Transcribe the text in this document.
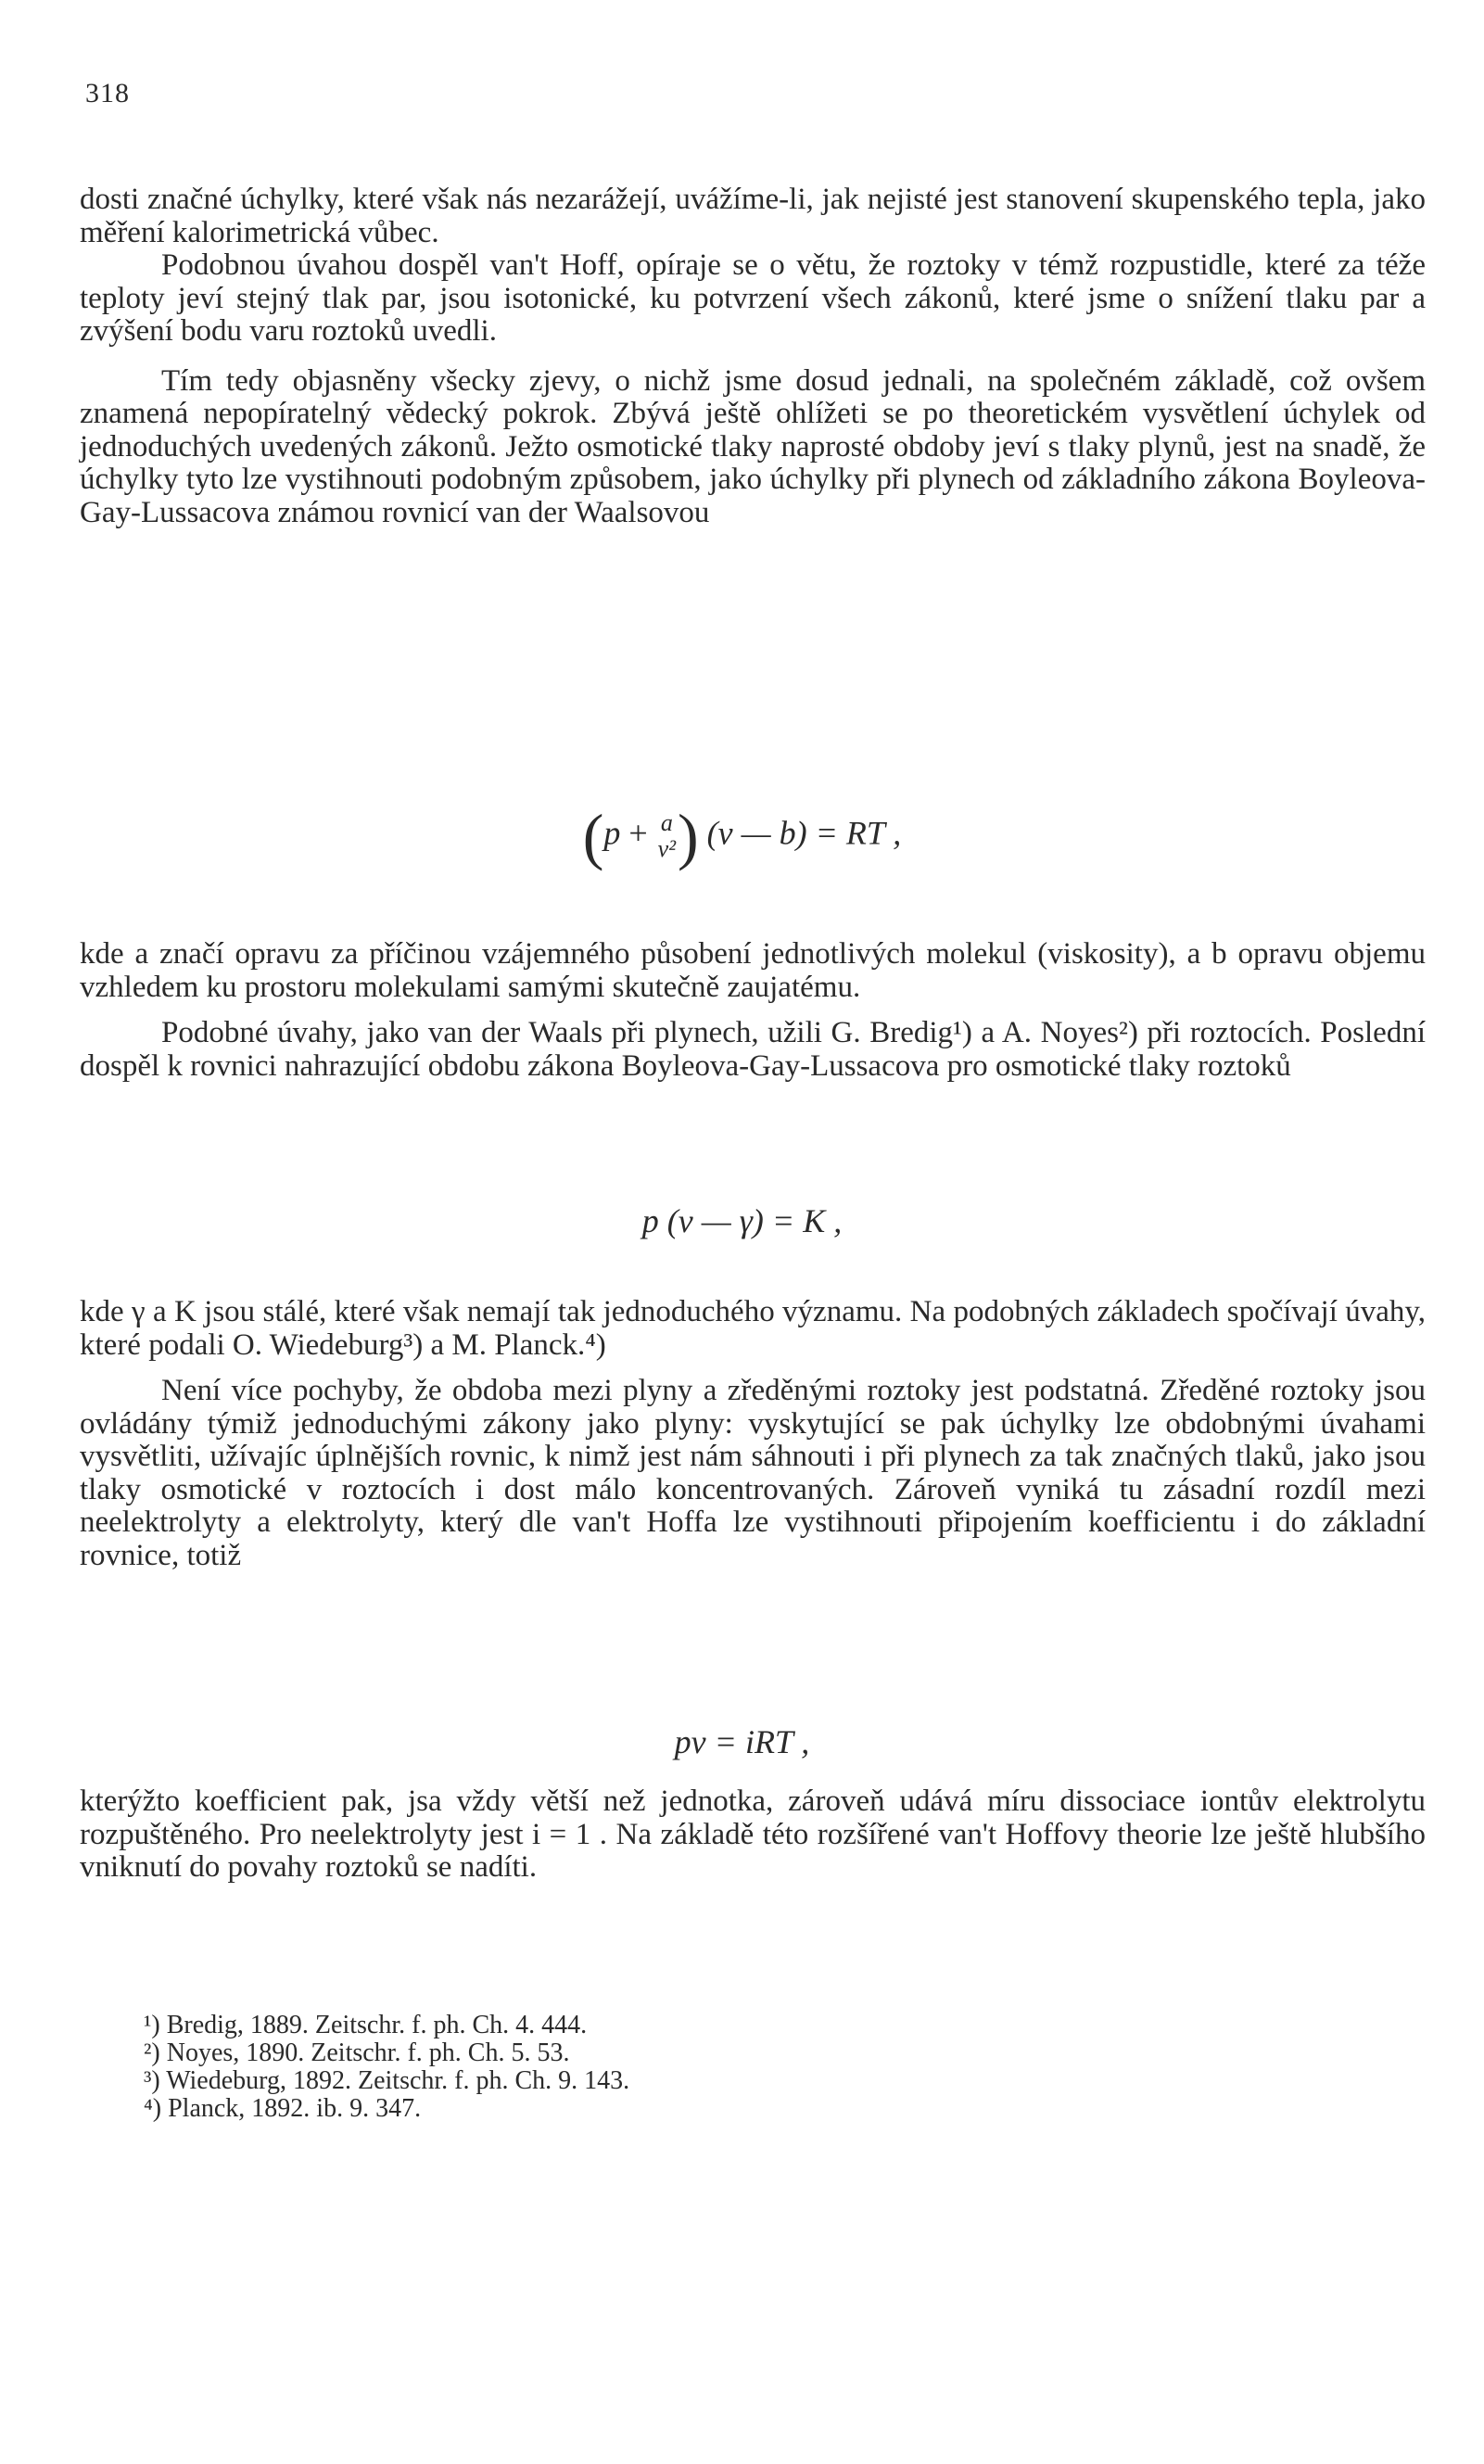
318

dosti značné úchylky, které však nás nezarážejí, uvážíme-li, jak nejisté jest stanovení skupenského tepla, jako měření kalorimetrická vůbec.

Podobnou úvahou dospěl van't Hoff, opíraje se o větu, že roztoky v témž rozpustidle, které za téže teploty jeví stejný tlak par, jsou isotonické, ku potvrzení všech zákonů, které jsme o snížení tlaku par a zvýšení bodu varu roztoků uvedli.

Tím tedy objasněny všecky zjevy, o nichž jsme dosud jednali, na společném základě, což ovšem znamená nepopíratelný vědecký pokrok. Zbývá ještě ohlížeti se po theoretickém vysvětlení úchylek od jednoduchých uvedených zákonů. Ježto osmotické tlaky naprosté obdoby jeví s tlaky plynů, jest na snadě, že úchylky tyto lze vystihnouti podobným způsobem, jako úchylky při plynech od základního zákona Boyleova-Gay-Lussacova známou rovnicí van der Waalsovou

(p + a
v² ) (v — b) = RT ,

kde a značí opravu za příčinou vzájemného působení jednotlivých molekul (viskosity), a b opravu objemu vzhledem ku prostoru molekulami samými skutečně zaujatému.

Podobné úvahy, jako van der Waals při plynech, užili G. Bredig¹) a A. Noyes²) při roztocích. Poslední dospěl k rovnici nahrazující obdobu zákona Boyleova-Gay-Lussacova pro osmotické tlaky roztoků

p (v — γ) = K ,

kde γ a K jsou stálé, které však nemají tak jednoduchého významu. Na podobných základech spočívají úvahy, které podali O. Wiedeburg³) a M. Planck.⁴)

Není více pochyby, že obdoba mezi plyny a zředěnými roztoky jest podstatná. Zředěné roztoky jsou ovládány týmiž jednoduchými zákony jako plyny: vyskytující se pak úchylky lze obdobnými úvahami vysvětliti, užívajíc úplnějších rovnic, k nimž jest nám sáhnouti i při plynech za tak značných tlaků, jako jsou tlaky osmotické v roztocích i dost málo koncentrovaných. Zároveň vyniká tu zásadní rozdíl mezi neelektrolyty a elektrolyty, který dle van't Hoffa lze vystihnouti připojením koefficientu i do základní rovnice, totiž

pv = iRT ,

kterýžto koefficient pak, jsa vždy větší než jednotka, zároveň udává míru dissociace iontův elektrolytu rozpuštěného. Pro neelektrolyty jest i = 1 . Na základě této rozšířené van't Hoffovy theorie lze ještě hlubšího vniknutí do povahy roztoků se nadíti.

¹) Bredig, 1889. Zeitschr. f. ph. Ch. 4. 444.
²) Noyes, 1890. Zeitschr. f. ph. Ch. 5. 53.
³) Wiedeburg, 1892. Zeitschr. f. ph. Ch. 9. 143.
⁴) Planck, 1892. ib. 9. 347.
